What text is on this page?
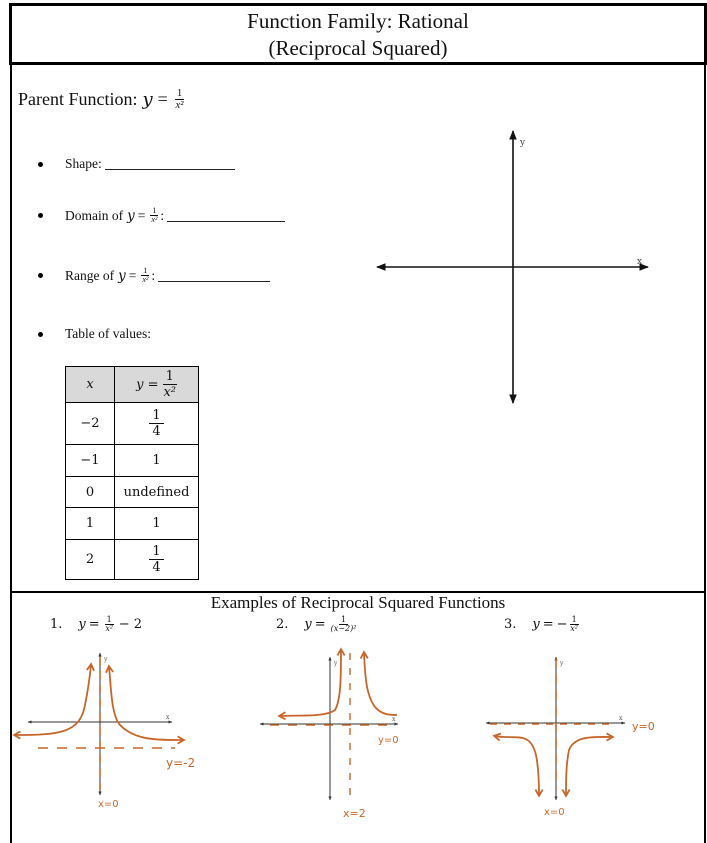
Function Family: Rational
(Reciprocal Squared)
Parent Function: $y = \frac{1}{\text{x²}}$
Shape:
Domain of $y = \frac{1}{\text{x²}}$ :
Range of $y = \frac{1}{\text{x²}}$ :
Table of values:
x	$y = \frac{1}{\text{x²}}$

−2	$\frac{1}{4}$

−1	1
0	undefined
1	1
2	$\frac{1}{4}$
y
x
Examples of Reciprocal Squared Functions
1. $y = \frac{1}{\text{x²}} - 2$	2. $y = \frac{1}{\text{(x−2)²}}$	3. y = − $\frac{1}{\text{x²}}$
y
x
y=-2
x=0
y
x
y=0
x=2
y
x
y=0
x=0
